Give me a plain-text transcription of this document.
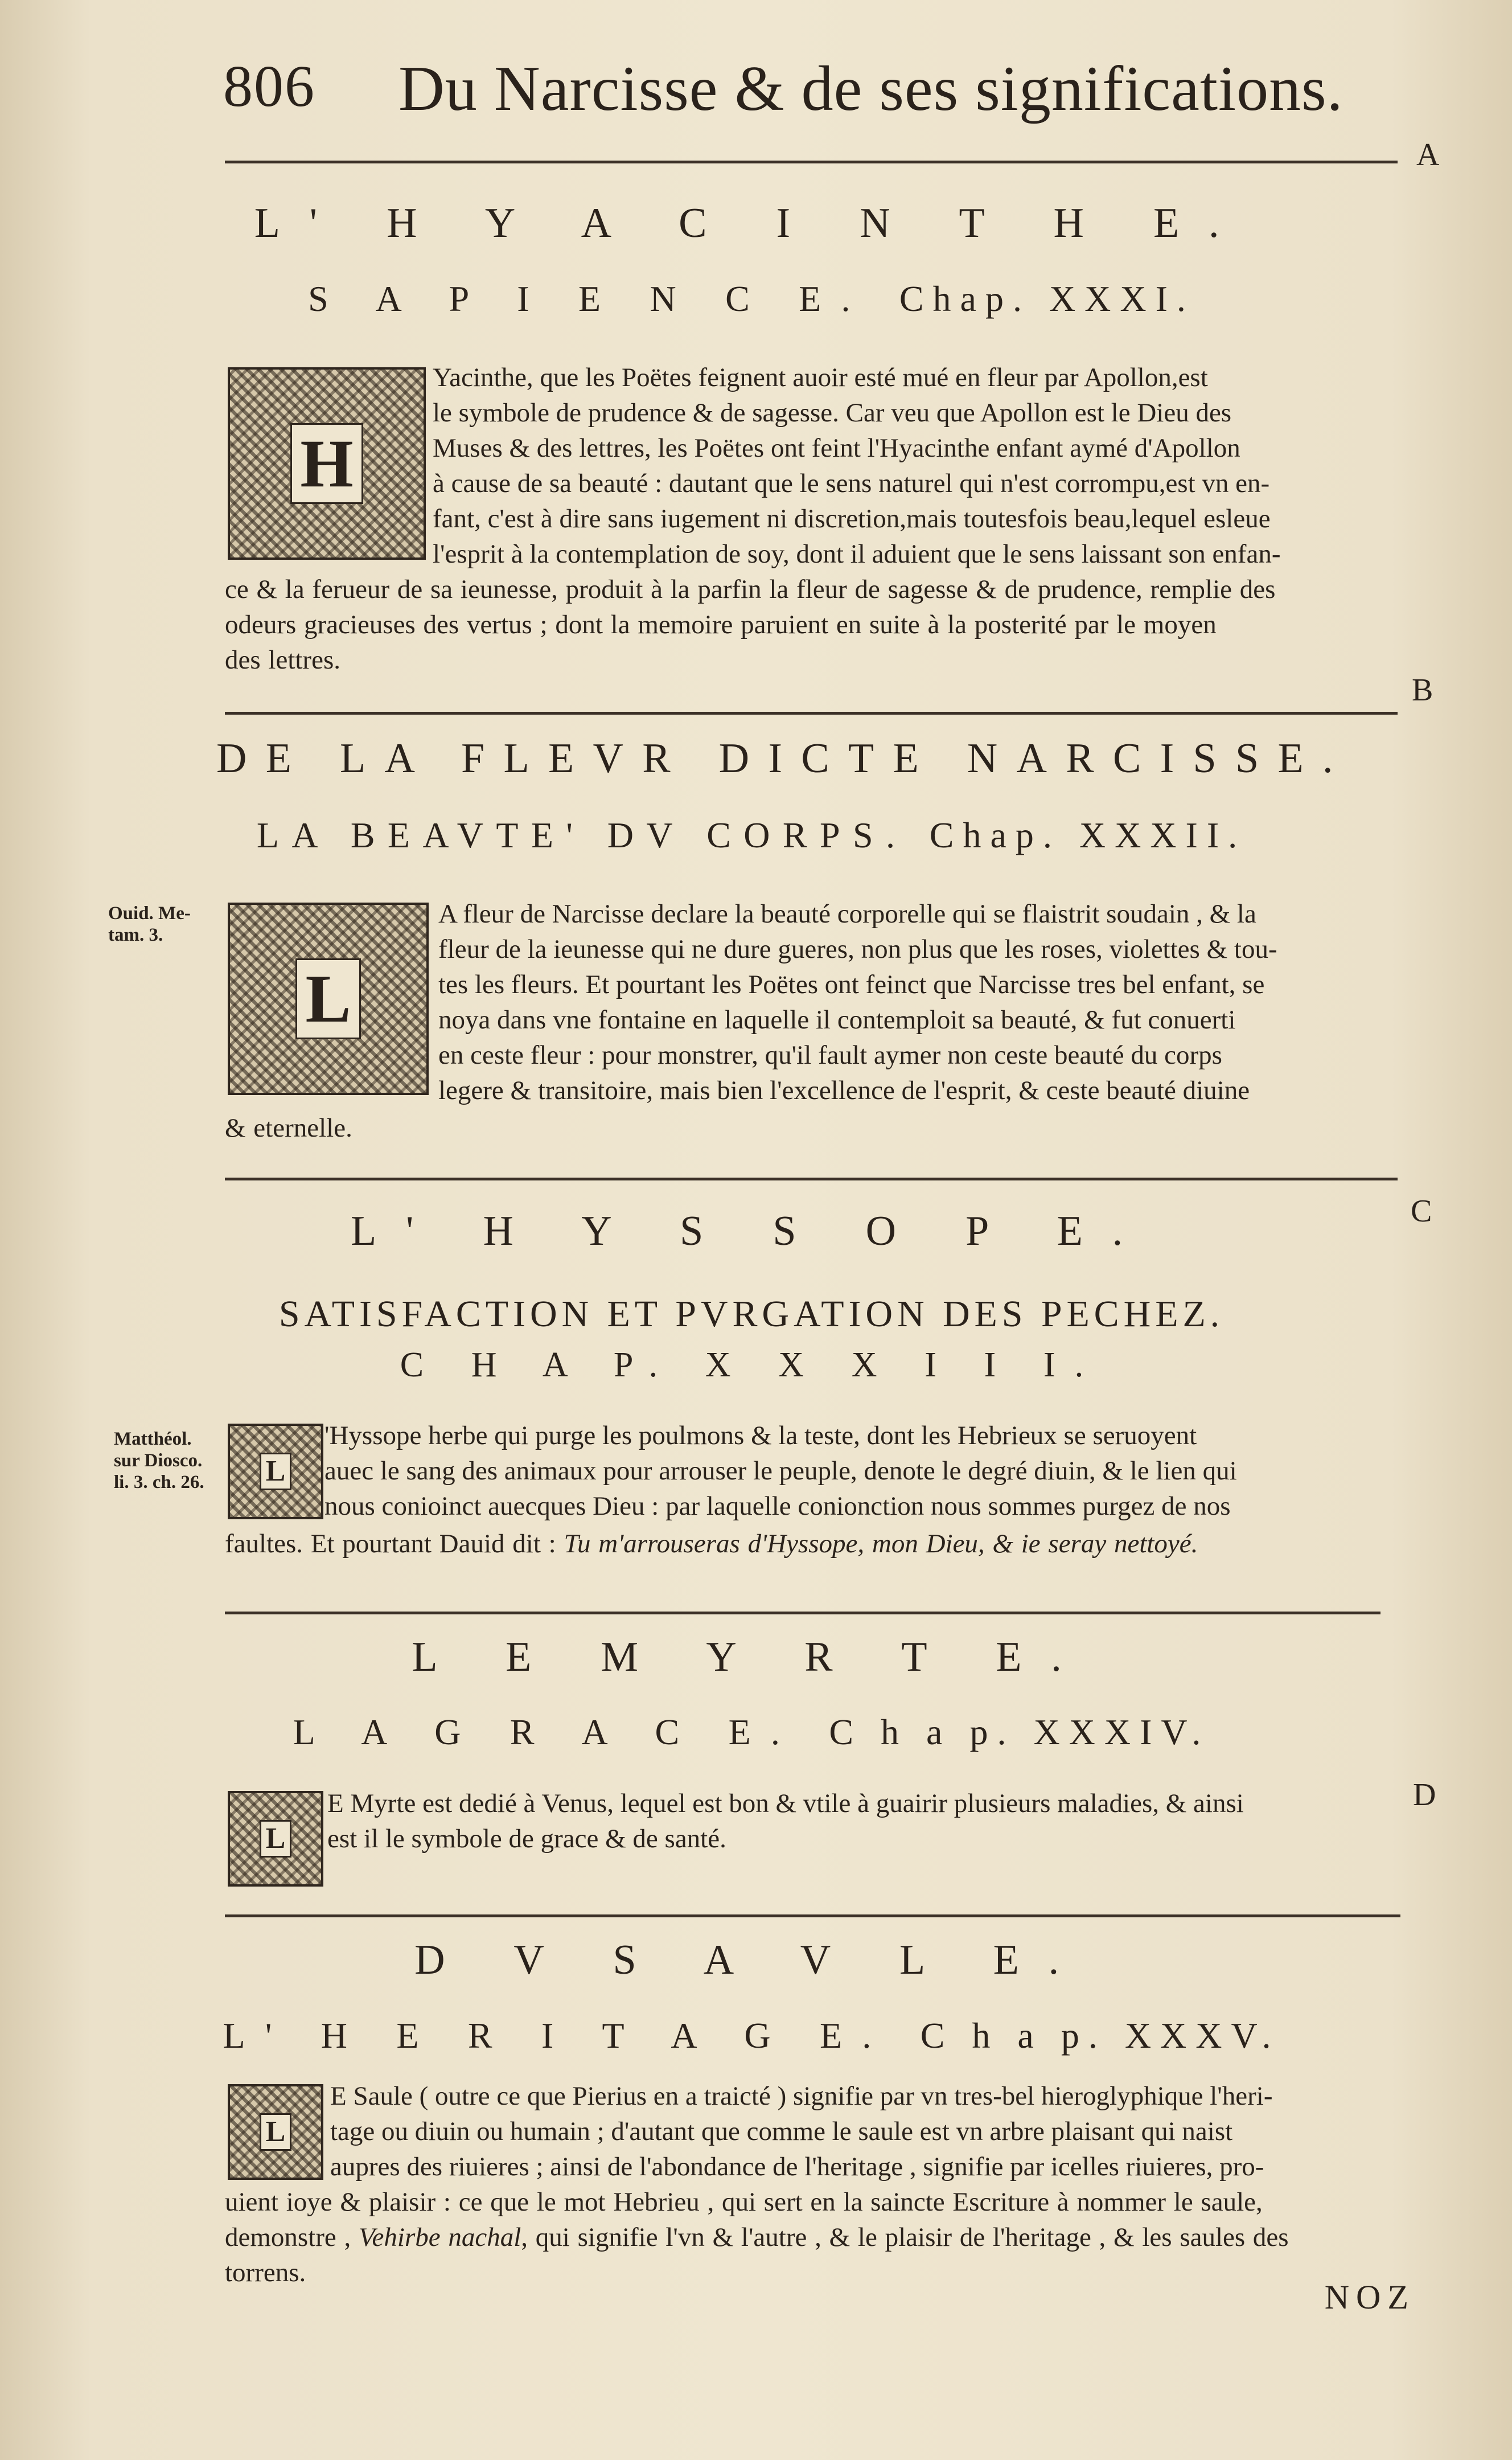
806 Du Narcisse & de ses significations.
A
L' H Y A C I N T H E.
S A P I E N C E. Chap. XXXI.
H

Yacinthe, que les Poëtes feignent auoir esté mué en fleur par Apollon,est

le symbole de prudence & de sagesse. Car veu que Apollon est le Dieu des

Muses & des lettres, les Poëtes ont feint l'Hyacinthe enfant aymé d'Apollon

à cause de sa beauté : dautant que le sens naturel qui n'est corrompu,est vn en-

fant, c'est à dire sans iugement ni discretion,mais toutesfois beau,lequel esleue

l'esprit à la contemplation de soy, dont il aduient que le sens laissant son enfan-

ce & la ferueur de sa ieunesse, produit à la parfin la fleur de sagesse & de prudence, remplie des

odeurs gracieuses des vertus ; dont la memoire paruient en suite à la posterité par le moyen

des lettres.

B
DE LA FLEVR DICTE NARCISSE.
LA BEAVTE' DV CORPS. Chap. XXXII.
Ouid. Me-
tam. 3.
L

A fleur de Narcisse declare la beauté corporelle qui se flaistrit soudain , & la

fleur de la ieunesse qui ne dure gueres, non plus que les roses, violettes & tou-

tes les fleurs. Et pourtant les Poëtes ont feinct que Narcisse tres bel enfant, se

noya dans vne fontaine en laquelle il contemploit sa beauté, & fut conuerti

en ceste fleur : pour monstrer, qu'il fault aymer non ceste beauté du corps

legere & transitoire, mais bien l'excellence de l'esprit, & ceste beauté diuine

& eternelle.

C
L' H Y S S O P E.
SATISFACTION ET PVRGATION DES PECHEZ.
C H A P. X X X I I I.
Matthéol.
sur Diosco.
li. 3. ch. 26.	L

'Hyssope herbe qui purge les poulmons & la teste, dont les Hebrieux se seruoyent

auec le sang des animaux pour arrouser le peuple, denote le degré diuin, & le lien qui

nous conioinct auecques Dieu : par laquelle conionction nous sommes purgez de nos

faultes. Et pourtant Dauid dit : Tu m'arrouseras d'Hyssope, mon Dieu, & ie seray nettoyé.
L E M Y R T E.
L A G R A C E. C h a p. XXXIV.
L

E Myrte est dedié à Venus, lequel est bon & vtile à guairir plusieurs maladies, & ainsi

est il le symbole de grace & de santé.

D
D V S A V L E.
L' H E R I T A G E. C h a p. XXXV.
L

E Saule ( outre ce que Pierius en a traicté ) signifie par vn tres-bel hieroglyphique l'heri-

tage ou diuin ou humain ; d'autant que comme le saule est vn arbre plaisant qui naist

aupres des riuieres ; ainsi de l'abondance de l'heritage , signifie par icelles riuieres, pro-

uient ioye & plaisir : ce que le mot Hebrieu , qui sert en la saincte Escriture à nommer le saule,

demonstre , Vehirbe nachal, qui signifie l'vn & l'autre , & le plaisir de l'heritage , & les saules des

torrens.

NOZ
